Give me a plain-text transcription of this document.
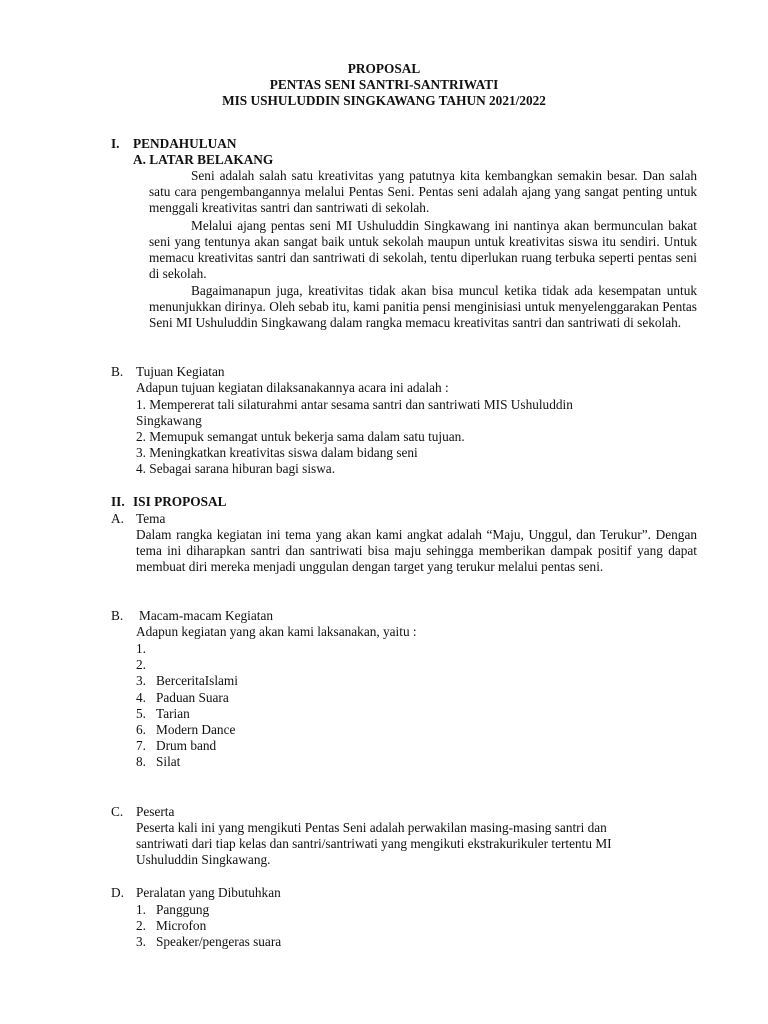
PROPOSAL
PENTAS SENI SANTRI-SANTRIWATI
MIS USHULUDDIN SINGKAWANG TAHUN 2021/2022
I. PENDAHULUAN
A. LATAR BELAKANG
Seni adalah salah satu kreativitas yang patutnya kita kembangkan semakin besar. Dan salah satu cara pengembangannya melalui Pentas Seni. Pentas seni adalah ajang yang sangat penting untuk menggali kreativitas santri dan santriwati di sekolah.
Melalui ajang pentas seni MI Ushuluddin Singkawang ini nantinya akan bermunculan bakat seni yang tentunya akan sangat baik untuk sekolah maupun untuk kreativitas siswa itu sendiri. Untuk memacu kreativitas santri dan santriwati di sekolah, tentu diperlukan ruang terbuka seperti pentas seni di sekolah.
Bagaimanapun juga, kreativitas tidak akan bisa muncul ketika tidak ada kesempatan untuk menunjukkan dirinya. Oleh sebab itu, kami panitia pensi menginisiasi untuk menyelenggarakan Pentas Seni MI Ushuluddin Singkawang dalam rangka memacu kreativitas santri dan santriwati di sekolah.
B. Tujuan Kegiatan
Adapun tujuan kegiatan dilaksanakannya acara ini adalah :
1. Mempererat tali silaturahmi antar sesama santri dan santriwati MIS Ushuluddin
Singkawang
2. Memupuk semangat untuk bekerja sama dalam satu tujuan.
3. Meningkatkan kreativitas siswa dalam bidang seni
4. Sebagai sarana hiburan bagi siswa.
II. ISI PROPOSAL
A. Tema
Dalam rangka kegiatan ini tema yang akan kami angkat adalah “Maju, Unggul, dan Terukur”. Dengan tema ini diharapkan santri dan santriwati bisa maju sehingga memberikan dampak positif yang dapat membuat diri mereka menjadi unggulan dengan target yang terukur melalui pentas seni.
B. Macam-macam Kegiatan
Adapun kegiatan yang akan kami laksanakan, yaitu :
1.
2.
3. BerceritaIslami
4. Paduan Suara
5. Tarian
6. Modern Dance
7. Drum band
8. Silat
C. Peserta
Peserta kali ini yang mengikuti Pentas Seni adalah perwakilan masing-masing santri dan
santriwati dari tiap kelas dan santri/santriwati yang mengikuti ekstrakurikuler tertentu MI
Ushuluddin Singkawang.
D. Peralatan yang Dibutuhkan
1. Panggung
2. Microfon
3. Speaker/pengeras suara
